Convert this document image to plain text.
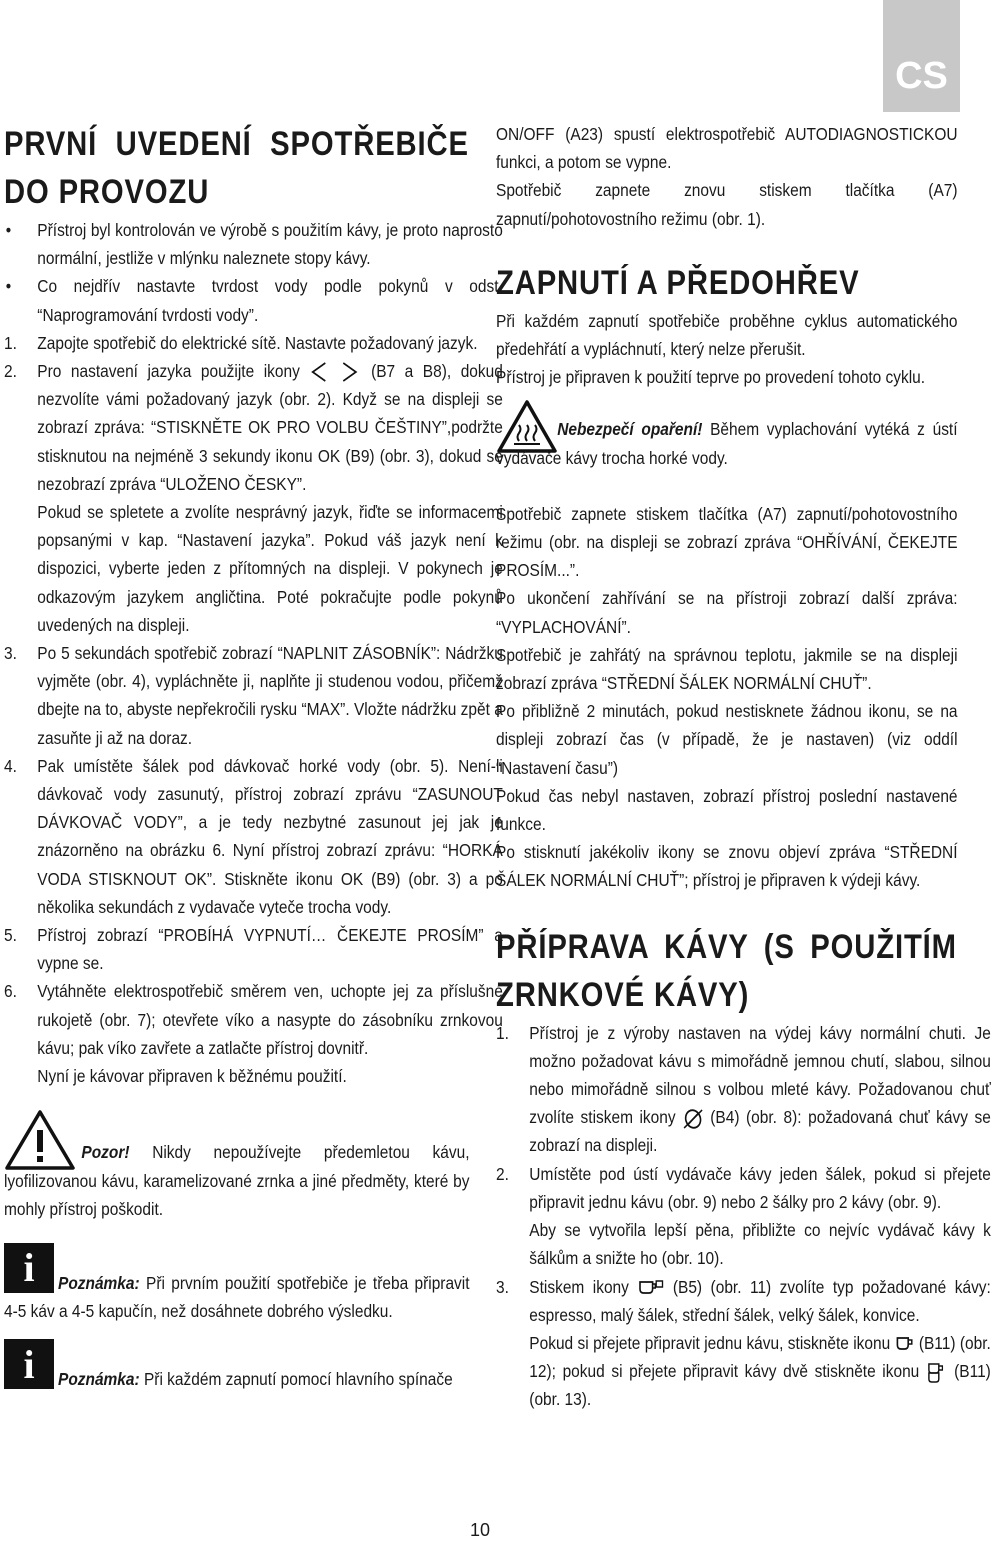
CS
PRVNÍ UVEDENÍ SPOTŘEBIČE DO PROVOZU
• Přístroj byl kontrolován ve výrobě s použitím kávy, je proto naprosto normální, jestliže v mlýnku naleznete stopy kávy.
• Co nejdřív nastavte tvrdost vody podle pokynů v odst. “Naprogramování tvrdosti vody”.
1. Zapojte spotřebič do elektrické sítě. Nastavte požadovaný jazyk.
2. Pro nastavení jazyka použijte ikony	(B7 a B8), dokud nezvolíte vámi požadovaný jazyk (obr. 2). Když se na displeji se zobrazí zpráva: “STISKNĚTE OK PRO VOLBU ČEŠTINY”,podržte stisknutou na nejméně 3 sekundy ikonu OK (B9) (obr. 3), dokud se nezobrazí zpráva “ULOŽENO ČESKY”.
Pokud se spletete a zvolíte nesprávný jazyk, řiďte se informacemi popsanými v kap. “Nastavení jazyka”. Pokud váš jazyk není k dispozici, vyberte jeden z přítomných na displeji. V pokynech je odkazovým jazykem angličtina. Poté pokračujte podle pokynů uvedených na displeji.
3. Po 5 sekundách spotřebič zobrazí “NAPLNIT ZÁSOBNÍK”: Nádržku vyjměte (obr. 4), vypláchněte ji, naplňte ji studenou vodou, přičemž dbejte na to, abyste nepřekročili rysku “MAX”. Vložte nádržku zpět a zasuňte ji až na doraz.
4. Pak umístěte šálek pod dávkovač horké vody (obr. 5). Není-li dávkovač vody zasunutý, přístroj zobrazí zprávu “ZASUNOUT DÁVKOVAČ VODY”, a je tedy nezbytné zasunout jej jak je znázorněno na obrázku 6. Nyní přístroj zobrazí zprávu: “HORKÁ VODA STISKNOUT OK”. Stiskněte ikonu OK (B9) (obr. 3) a po několika sekundách z vydavače vyteče trocha vody.
5. Přístroj zobrazí “PROBÍHÁ VYPNUTÍ… ČEKEJTE PROSÍM” a vypne se.
6. Vytáhněte elektrospotřebič směrem ven, uchopte jej za příslušné rukojetě (obr. 7); otevřete víko a nasypte do zásobníku zrnkovou kávu; pak víko zavřete a zatlačte přístroj dovnitř.
Nyní je kávovar připraven k běžnému použití.
Pozor! Nikdy nepoužívejte předemletou kávu, lyofilizovanou kávu, karamelizované zrnka a jiné předměty, které by mohly přístroj poškodit.
i	Poznámka: Při prvním použití spotřebiče je třeba připravit 4-5 káv a 4-5 kapučín, než dosáhnete dobrého výsledku.
i	Poznámka: Při každém zapnutí pomocí hlavního spínače
ON/OFF (A23) spustí elektrospotřebič AUTODIAGNOSTICKOU funkci, a potom se vypne.
Spotřebič zapnete znovu stiskem tlačítka (A7) zapnutí/pohotovostního režimu (obr. 1).
ZAPNUTÍ A PŘEDOHŘEV
Při každém zapnutí spotřebiče proběhne cyklus automatického předehřátí a vypláchnutí, který nelze přerušit.
Přístroj je připraven k použití teprve po provedení tohoto cyklu.
Nebezpečí opaření! Během vyplachování vytéká z ústí vydávače kávy trocha horké vody.
Spotřebič zapnete stiskem tlačítka (A7) zapnutí/pohotovostního režimu (obr. na displeji se zobrazí zpráva “OHŘÍVÁNÍ, ČEKEJTE PROSÍM...”.
Po ukončení zahřívání se na přístroji zobrazí další zpráva: “VYPLACHOVÁNÍ”.
Spotřebič je zahřátý na správnou teplotu, jakmile se na displeji zobrazí zpráva “STŘEDNÍ ŠÁLEK NORMÁLNÍ CHUŤ”.
Po přibližně 2 minutách, pokud nestisknete žádnou ikonu, se na displeji zobrazí čas (v případě, že je nastaven) (viz oddíl “Nastavení času”)
Pokud čas nebyl nastaven, zobrazí přístroj poslední nastavené funkce.
Po stisknutí jakékoliv ikony se znovu objeví zpráva “STŘEDNÍ ŠÁLEK NORMÁLNÍ CHUŤ”; přístroj je připraven k výdeji kávy.
PŘÍPRAVA KÁVY (S POUŽITÍM ZRNKOVÉ KÁVY)
1. Přístroj je z výroby nastaven na výdej kávy normální chuti. Je možno požadovat kávu s mimořádně jemnou chutí, slabou, silnou nebo mimořádně silnou s volbou mleté kávy. Požadovanou chuť zvolíte stiskem ikony (B4) (obr. 8): požadovaná chuť kávy se zobrazí na displeji.
2. Umístěte pod ústí vydávače kávy jeden šálek, pokud si přejete připravit jednu kávu (obr. 9) nebo 2 šálky pro 2 kávy (obr. 9).
Aby se vytvořila lepší pěna, přibližte co nejvíc vydávač kávy k šálkům a snižte ho (obr. 10).
3. Stiskem ikony	(B5) (obr. 11) zvolíte typ požadované kávy: espresso, malý šálek, střední šálek, velký šálek, konvice.
Pokud si přejete připravit jednu kávu, stiskněte ikonu (B11) (obr. 12); pokud si přejete připravit kávy dvě stiskněte ikonu (B11) (obr. 13).
10
